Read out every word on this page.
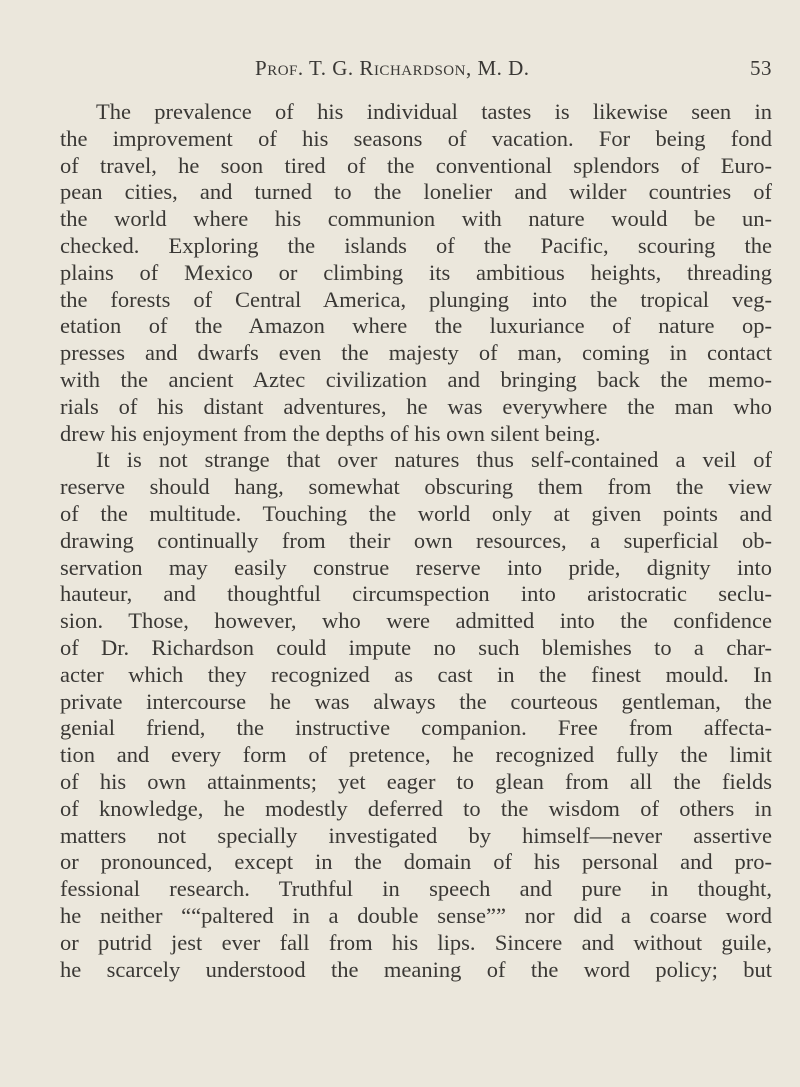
PROF. T. G. RICHARDSON, M. D.	53
The prevalence of his individual tastes is likewise seen in
the improvement of his seasons of vacation. For being fond
of travel, he soon tired of the conventional splendors of Euro-
pean cities, and turned to the lonelier and wilder countries of
the world where his communion with nature would be un-
checked. Exploring the islands of the Pacific, scouring the
plains of Mexico or climbing its ambitious heights, threading
the forests of Central America, plunging into the tropical veg-
etation of the Amazon where the luxuriance of nature op-
presses and dwarfs even the majesty of man, coming in contact
with the ancient Aztec civilization and bringing back the memo-
rials of his distant adventures, he was everywhere the man who
drew his enjoyment from the depths of his own silent being.
It is not strange that over natures thus self-contained a veil of
reserve should hang, somewhat obscuring them from the view
of the multitude. Touching the world only at given points and
drawing continually from their own resources, a superficial ob-
servation may easily construe reserve into pride, dignity into
hauteur, and thoughtful circumspection into aristocratic seclu-
sion. Those, however, who were admitted into the confidence
of Dr. Richardson could impute no such blemishes to a char-
acter which they recognized as cast in the finest mould. In
private intercourse he was always the courteous gentleman, the
genial friend, the instructive companion. Free from affecta-
tion and every form of pretence, he recognized fully the limit
of his own attainments; yet eager to glean from all the fields
of knowledge, he modestly deferred to the wisdom of others in
matters not specially investigated by himself—never assertive
or pronounced, except in the domain of his personal and pro-
fessional research. Truthful in speech and pure in thought,
he neither ““paltered in a double sense”” nor did a coarse word
or putrid jest ever fall from his lips. Sincere and without guile,
he scarcely understood the meaning of the word policy; but
